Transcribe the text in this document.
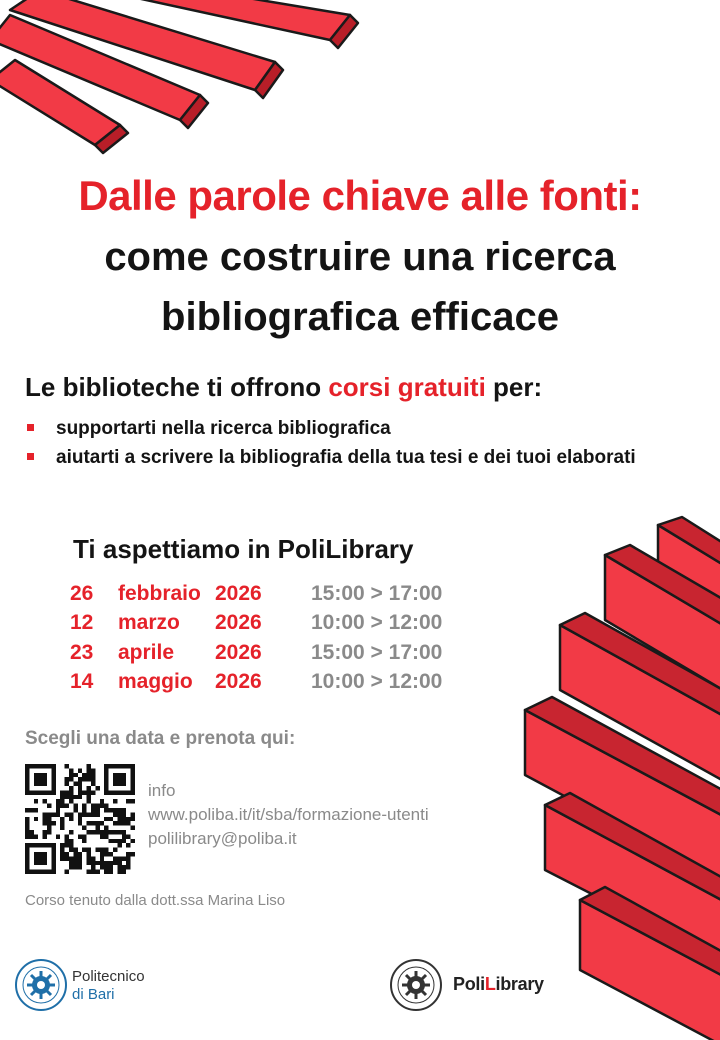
Dalle parole chiave alle fonti:
come costruire una ricerca
bibliografica efficace
Le biblioteche ti offrono corsi gratuiti per:
supportarti nella ricerca bibliografica
aiutarti a scrivere la bibliografia della tua tesi e dei tuoi elaborati
Ti aspettiamo in PoliLibrary
26	febbraio	2026	15:00 > 17:00
12	marzo	2026	10:00 > 12:00
23	aprile	2026	15:00 > 17:00
14	maggio	2026	10:00 > 12:00
Scegli una data e prenota qui:
info
www.poliba.it/it/sba/formazione-utenti
polilibrary@poliba.it
Corso tenuto dalla dott.ssa Marina Liso
Politecnico
di Bari
PoliLibrary
